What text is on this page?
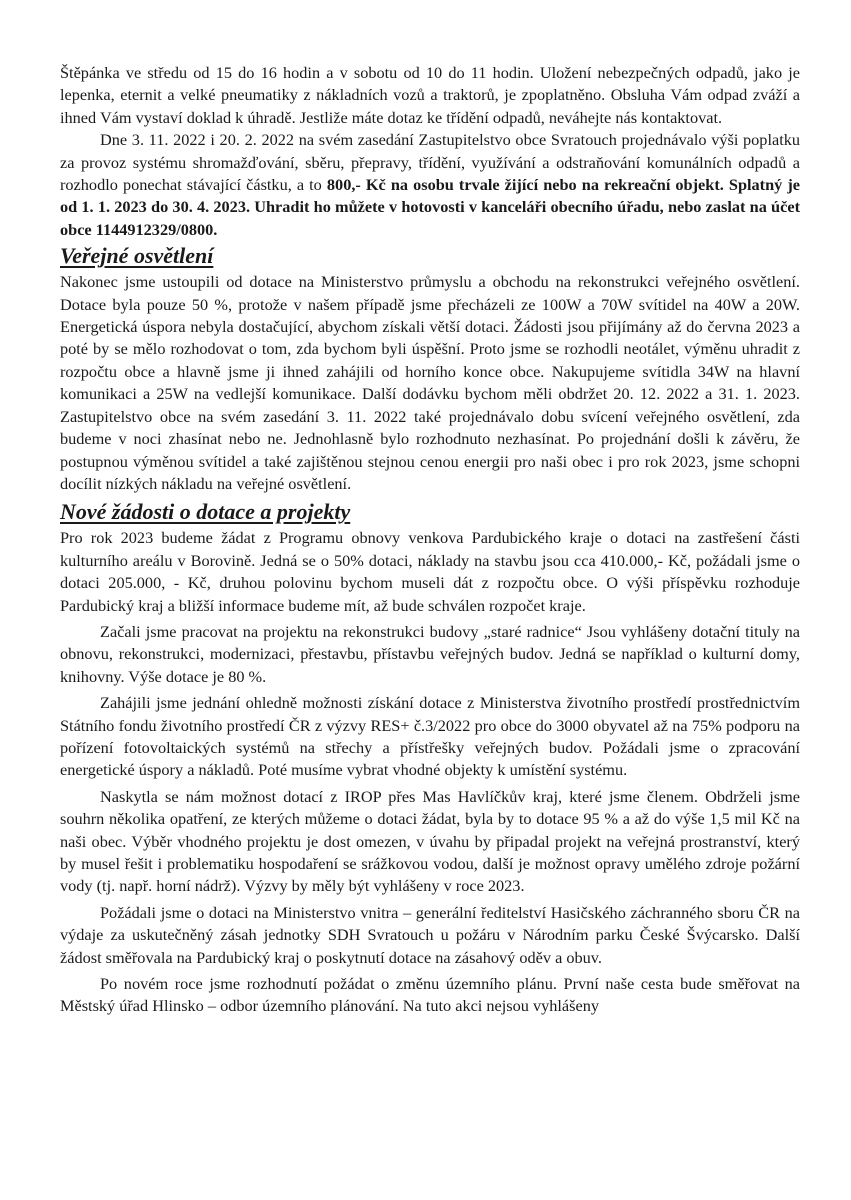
Štěpánka ve středu od 15 do 16 hodin a v sobotu od 10 do 11 hodin. Uložení nebezpečných odpadů, jako je lepenka, eternit a velké pneumatiky z nákladních vozů a traktorů, je zpoplatněno. Obsluha Vám odpad zváží a ihned Vám vystaví doklad k úhradě. Jestliže máte dotaz ke třídění odpadů, neváhejte nás kontaktovat.

Dne 3. 11. 2022 i 20. 2. 2022 na svém zasedání Zastupitelstvo obce Svratouch projednávalo výši poplatku za provoz systému shromažďování, sběru, přepravy, třídění, využívání a odstraňování komunálních odpadů a rozhodlo ponechat stávající částku, a to 800,- Kč na osobu trvale žijící nebo na rekreační objekt. Splatný je od 1. 1. 2023 do 30. 4. 2023. Uhradit ho můžete v hotovosti v kanceláři obecního úřadu, nebo zaslat na účet obce 1144912329/0800.

Veřejné osvětlení

Nakonec jsme ustoupili od dotace na Ministerstvo průmyslu a obchodu na rekonstrukci veřejného osvětlení. Dotace byla pouze 50 %, protože v našem případě jsme přecházeli ze 100W a 70W svítidel na 40W a 20W. Energetická úspora nebyla dostačující, abychom získali větší dotaci. Žádosti jsou přijímány až do června 2023 a poté by se mělo rozhodovat o tom, zda bychom byli úspěšní. Proto jsme se rozhodli neotálet, výměnu uhradit z rozpočtu obce a hlavně jsme ji ihned zahájili od horního konce obce. Nakupujeme svítidla 34W na hlavní komunikaci a 25W na vedlejší komunikace. Další dodávku bychom měli obdržet 20. 12. 2022 a 31. 1. 2023. Zastupitelstvo obce na svém zasedání 3. 11. 2022 také projednávalo dobu svícení veřejného osvětlení, zda budeme v noci zhasínat nebo ne. Jednohlasně bylo rozhodnuto nezhasínat. Po projednání došli k závěru, že postupnou výměnou svítidel a také zajištěnou stejnou cenou energii pro naši obec i pro rok 2023, jsme schopni docílit nízkých nákladu na veřejné osvětlení.

Nové žádosti o dotace a projekty

Pro rok 2023 budeme žádat z Programu obnovy venkova Pardubického kraje o dotaci na zastřešení části kulturního areálu v Borovině. Jedná se o 50% dotaci, náklady na stavbu jsou cca 410.000,- Kč, požádali jsme o dotaci 205.000, - Kč, druhou polovinu bychom museli dát z rozpočtu obce. O výši příspěvku rozhoduje Pardubický kraj a bližší informace budeme mít, až bude schválen rozpočet kraje.

Začali jsme pracovat na projektu na rekonstrukci budovy „staré radnice“ Jsou vyhlášeny dotační tituly na obnovu, rekonstrukci, modernizaci, přestavbu, přístavbu veřejných budov. Jedná se například o kulturní domy, knihovny. Výše dotace je 80 %.

Zahájili jsme jednání ohledně možnosti získání dotace z Ministerstva životního prostředí prostřednictvím Státního fondu životního prostředí ČR z výzvy RES+ č.3/2022 pro obce do 3000 obyvatel až na 75% podporu na pořízení fotovoltaických systémů na střechy a přístřešky veřejných budov. Požádali jsme o zpracování energetické úspory a nákladů. Poté musíme vybrat vhodné objekty k umístění systému.

Naskytla se nám možnost dotací z IROP přes Mas Havlíčkův kraj, které jsme členem. Obdrželi jsme souhrn několika opatření, ze kterých můžeme o dotaci žádat, byla by to dotace 95 % a až do výše 1,5 mil Kč na naši obec. Výběr vhodného projektu je dost omezen, v úvahu by připadal projekt na veřejná prostranství, který by musel řešit i problematiku hospodaření se srážkovou vodou, další je možnost opravy umělého zdroje požární vody (tj. např. horní nádrž). Výzvy by měly být vyhlášeny v roce 2023.

Požádali jsme o dotaci na Ministerstvo vnitra – generální ředitelství Hasičského záchranného sboru ČR na výdaje za uskutečněný zásah jednotky SDH Svratouch u požáru v Národním parku České Švýcarsko. Další žádost směřovala na Pardubický kraj o poskytnutí dotace na zásahový oděv a obuv.

Po novém roce jsme rozhodnutí požádat o změnu územního plánu. První naše cesta bude směřovat na Městský úřad Hlinsko – odbor územního plánování. Na tuto akci nejsou vyhlášeny
